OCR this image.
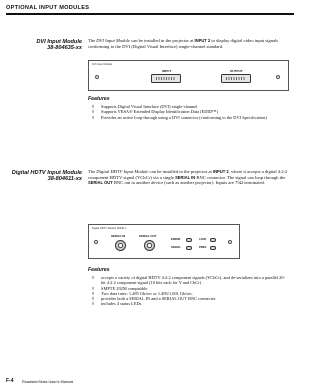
OPTIONAL INPUT MODULES
DVI Input Module
38-804635-xx
The DVI Input Module can be installed in the projector at INPUT 2 to display digital video input signals conforming to the DVI (Digital Visual Interface) single-channel standard.
DVI Input Module
INPUT	OUTPUT
Features
◊ Supports Digital Visual Interface (DVI) single-channel
◊ Supports VESA® Extended Display Identification Data (EDID™)
◊ Provides an active loop-through using a DVI connector (conforming to the DVI Specification)
Digital HDTV Input Module
38-804611-xx
The Digital HDTV Input Module can be installed in the projector at INPUT 2, where it accepts a digital 4:2:2 component HDTV signal (YCbCr) via a single SERIAL IN BNC connector. The signal can loop through the SERIAL OUT BNC out to another device (such as another projector). Inputs are 75Ω terminated.
Digital HDTV Module SDHD 1
SERIAL IN	SERIAL OUT
ERROR	LOCK
SIGNAL	PRES.
Features
◊ accepts a variety of digital HDTV 4:2:2 component signals (YCbCr), and de-serializes into a parallel 20-bit 4:2:2 component signal (10 bits each for Y and CbCr)
◊ SMPTE 292M compatible
◊ Two data rates: 1.485 Gb/sec or 1.485/1.001 Gb/sec.
◊ provides both a SERIAL IN and a SERIAL OUT BNC connector
◊ includes 4 status LEDs
F-4 Roadster/Vista User's Manual
